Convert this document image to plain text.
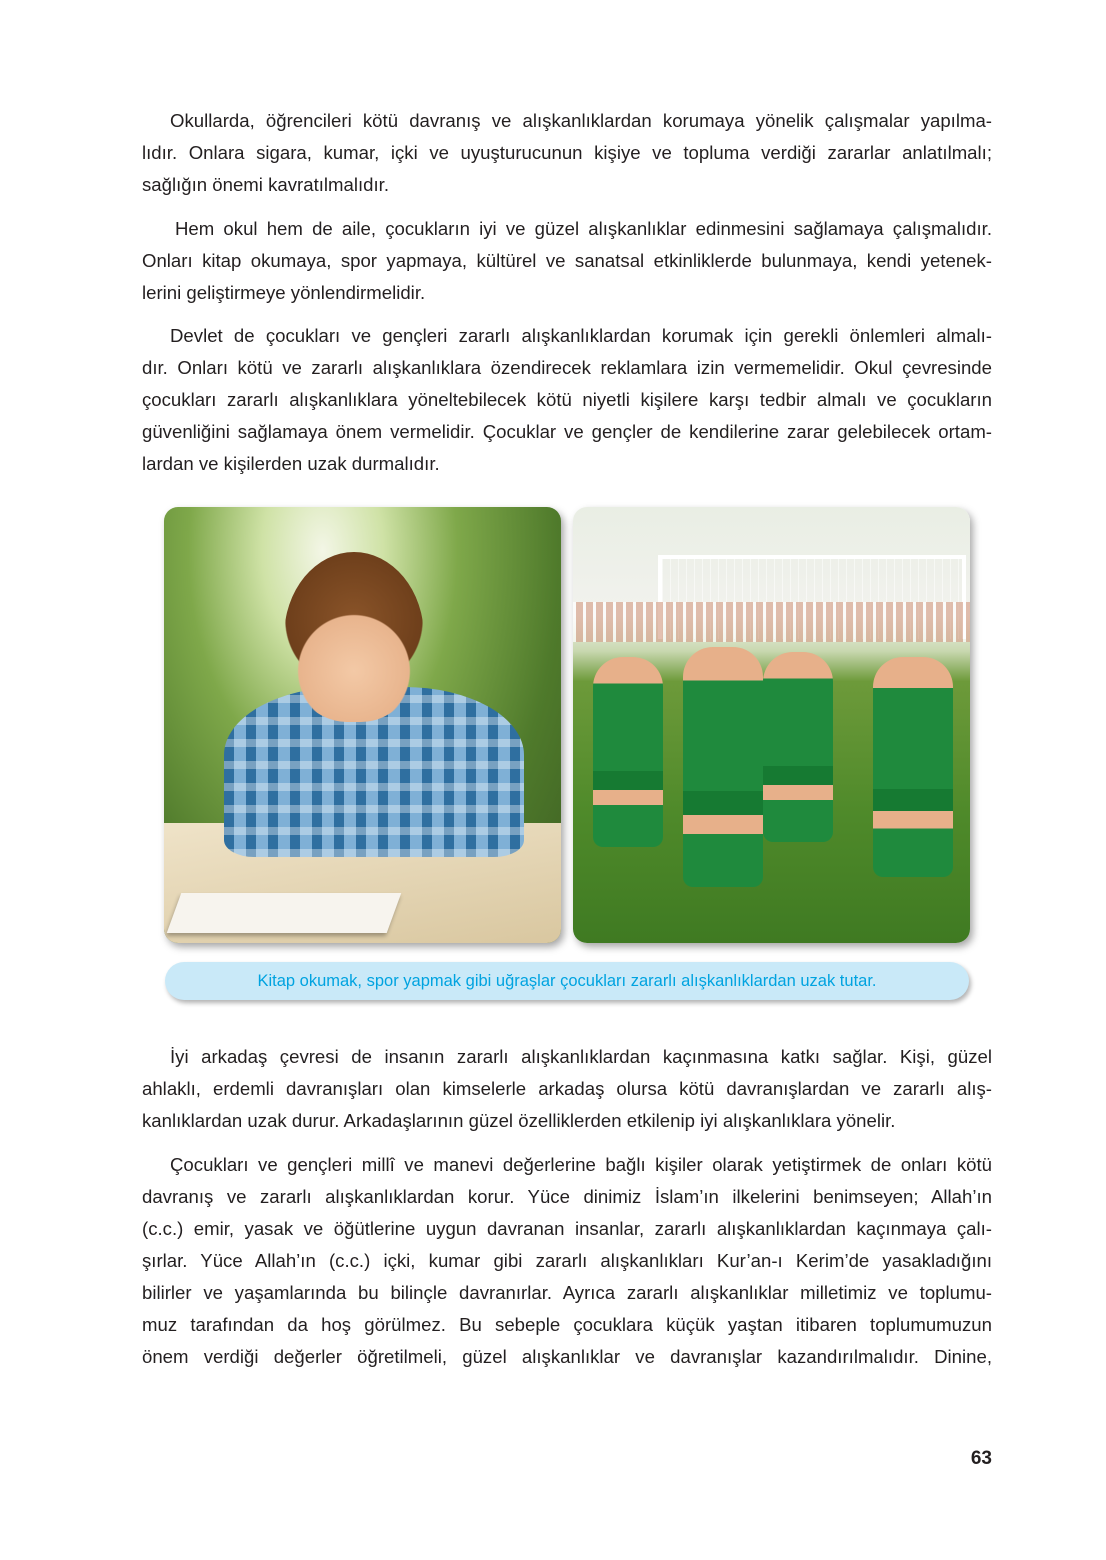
Okullarda, öğrencileri kötü davranış ve alışkanlıklardan korumaya yönelik çalışmalar yapılma-
lıdır. Onlara sigara, kumar, içki ve uyuşturucunun kişiye ve topluma verdiği zararlar anlatılmalı;
sağlığın önemi kavratılmalıdır.
Hem okul hem de aile, çocukların iyi ve güzel alışkanlıklar edinmesini sağlamaya çalışmalıdır.
Onları kitap okumaya, spor yapmaya, kültürel ve sanatsal etkinliklerde bulunmaya, kendi yetenek-
lerini geliştirmeye yönlendirmelidir.
Devlet de çocukları ve gençleri zararlı alışkanlıklardan korumak için gerekli önlemleri almalı-
dır. Onları kötü ve zararlı alışkanlıklara özendirecek reklamlara izin vermemelidir. Okul çevresinde
çocukları zararlı alışkanlıklara yöneltebilecek kötü niyetli kişilere karşı tedbir almalı ve çocukların
güvenliğini sağlamaya önem vermelidir. Çocuklar ve gençler de kendilerine zarar gelebilecek ortam-
lardan ve kişilerden uzak durmalıdır.
Kitap okumak, spor yapmak gibi uğraşlar çocukları zararlı alışkanlıklardan uzak tutar.
İyi arkadaş çevresi de insanın zararlı alışkanlıklardan kaçınmasına katkı sağlar. Kişi, güzel
ahlaklı, erdemli davranışları olan kimselerle arkadaş olursa kötü davranışlardan ve zararlı alış-
kanlıklardan uzak durur. Arkadaşlarının güzel özelliklerden etkilenip iyi alışkanlıklara yönelir.
Çocukları ve gençleri millî ve manevi değerlerine bağlı kişiler olarak yetiştirmek de onları kötü
davranış ve zararlı alışkanlıklardan korur. Yüce dinimiz İslam’ın ilkelerini benimseyen; Allah’ın
(c.c.) emir, yasak ve öğütlerine uygun davranan insanlar, zararlı alışkanlıklardan kaçınmaya çalı-
şırlar. Yüce Allah’ın (c.c.) içki, kumar gibi zararlı alışkanlıkları Kur’an-ı Kerim’de yasakladığını
bilirler ve yaşamlarında bu bilinçle davranırlar. Ayrıca zararlı alışkanlıklar milletimiz ve toplumu-
muz tarafından da hoş görülmez. Bu sebeple çocuklara küçük yaştan itibaren toplumumuzun
önem verdiği değerler öğretilmeli, güzel alışkanlıklar ve davranışlar kazandırılmalıdır. Dinine,
63
